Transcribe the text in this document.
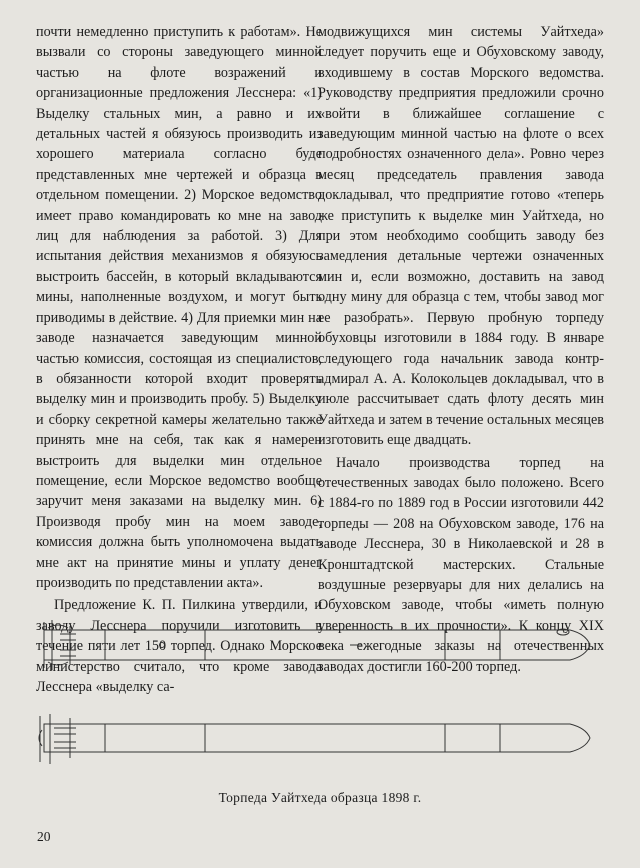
почти немедленно приступить к работам». Не вызвали со стороны заведующего минной частью на флоте возражений и организационные предложения Лесснера: «1) Выделку стальных мин, а равно и их детальных частей я обязуюсь производить из хорошего материала согласно буде представленных мне чертежей и образца в отдельном помещении. 2) Морское ведомство имеет право командировать ко мне на завод лиц для наблюдения за работой. 3) Для испытания действия механизмов я обязуюсь выстроить бассейн, в который вкладываются мины, наполненные воздухом, и могут быть приводимы в действие. 4) Для приемки мин на заводе назначается заведующим минной частью комиссия, состоящая из специалистов, в обязанности которой входит проверять выделку мин и производить пробу. 5) Выделку и сборку секретной камеры желательно также принять мне на себя, так как я намерен выстроить для выделки мин отдельное помещение, если Морское ведомство вообще заручит меня заказами на выделку мин. 6) Производя пробу мин на моем заводе, комиссия должна быть уполномочена выдать мне акт на принятие мины и уплату денег производить по представлении акта».

Предложение К. П. Пилкина утвердили, и заводу Лесснера поручили изготовить в течение пяти лет 150 торпед. Однако Морское министерство считало, что кроме завода Лесснера «выделку са-

модвижущихся мин системы Уайтхеда» следует поручить еще и Обуховскому заводу, входившему в состав Морского ведомства. Руководству предприятия предложили срочно «войти в ближайшее соглашение с заведующим минной частью на флоте о всех подробностях означенного дела». Ровно через месяц председатель правления завода докладывал, что предприятие готово «теперь же приступить к выделке мин Уайтхеда, но при этом необходимо сообщить заводу без замедления детальные чертежи означенных мин и, если возможно, доставить на завод одну мину для образца с тем, чтобы завод мог ее разобрать». Первую пробную торпеду обуховцы изготовили в 1884 году. В январе следующего года начальник завода контр-адмирал А. А. Колокольцев докладывал, что в июле рассчитывает сдать флоту десять мин Уайтхеда и затем в течение остальных месяцев изготовить еще двадцать.

Начало производства торпед на отечественных заводах было положено. Всего с 1884-го по 1889 год в России изготовили 442 торпеды — 208 на Обуховском заводе, 176 на заводе Лесснера, 30 в Николаевской и 28 в Кронштадтской мастерских. Стальные воздушные резервуары для них делались на Обуховском заводе, чтобы «иметь полную уверенность в их прочности». К концу XIX века ежегодные заказы на отечественных заводах достигли 160-200 торпед.

Торпеда Уайтхеда образца 1898 г.
20
